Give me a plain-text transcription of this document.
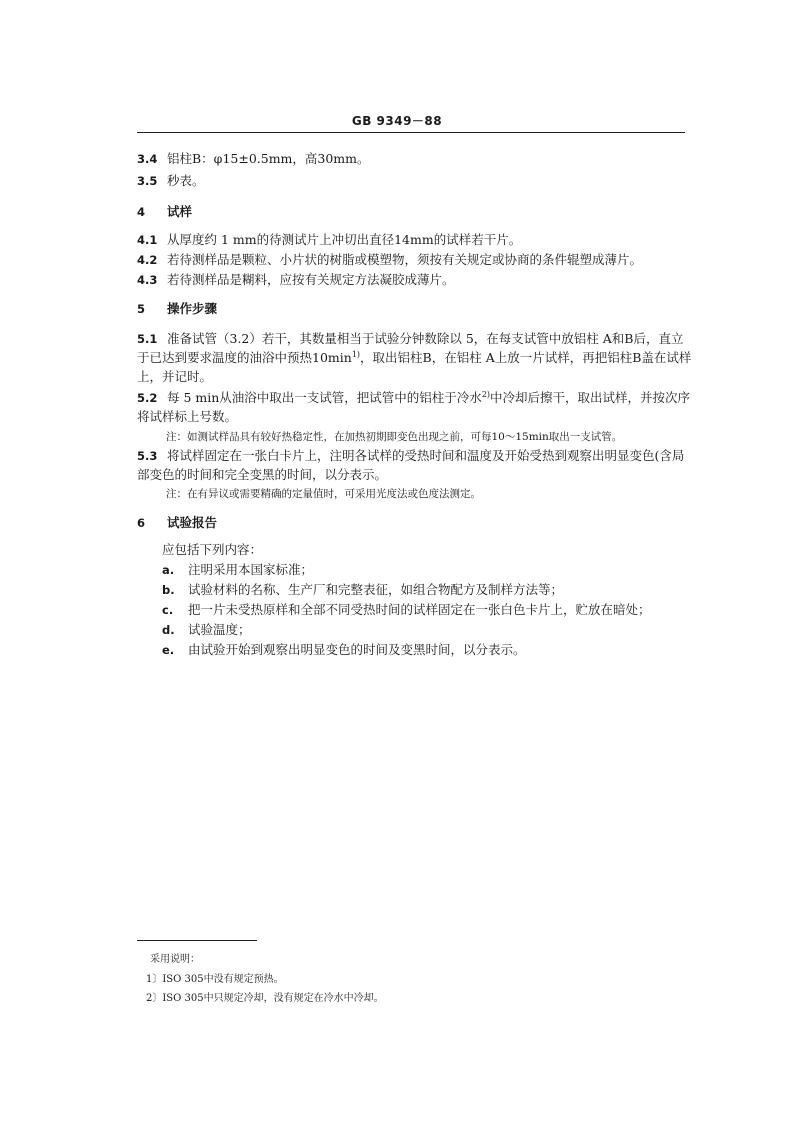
GB 9349－88
3.4 铝柱B：φ15±0.5mm，高30mm。
3.5 秒表。
4 试样
4.1 从厚度约 1 mm的待测试片上冲切出直径14mm的试样若干片。
4.2 若待测样品是颗粒、小片状的树脂或模塑物，须按有关规定或协商的条件辊塑成薄片。
4.3 若待测样品是糊料，应按有关规定方法凝胶成薄片。
5 操作步骤
5.1 准备试管（3.2）若干，其数量相当于试验分钟数除以 5，在每支试管中放铝柱 A和B后，直立
于已达到要求温度的油浴中预热$10\min^{1)}$，取出铝柱B，在铝柱 A上放一片试样，再把铝柱B盖在试样
上，并记时。
5.2 每 5 min从油浴中取出一支试管，把试管中的铝柱于冷水$^{2)}$中冷却后擦干，取出试样，并按次序
将试样标上号数。
注：如测试样品具有较好热稳定性，在加热初期即变色出现之前，可每10～15min取出一支试管。
5.3 将试样固定在一张白卡片上，注明各试样的受热时间和温度及开始受热到观察出明显变色(含局
部变色的时间和完全变黑的时间，以分表示。
注：在有异议或需要精确的定量值时，可采用光度法或色度法测定。
6 试验报告
应包括下列内容：
a. 注明采用本国家标准；
b. 试验材料的名称、生产厂和完整表征，如组合物配方及制样方法等；
c. 把一片未受热原样和全部不同受热时间的试样固定在一张白色卡片上，贮放在暗处；
d. 试验温度；
e. 由试验开始到观察出明显变色的时间及变黑时间，以分表示。
采用说明：
1〕ISO 305中没有规定预热。
2〕ISO 305中只规定冷却，没有规定在冷水中冷却。
